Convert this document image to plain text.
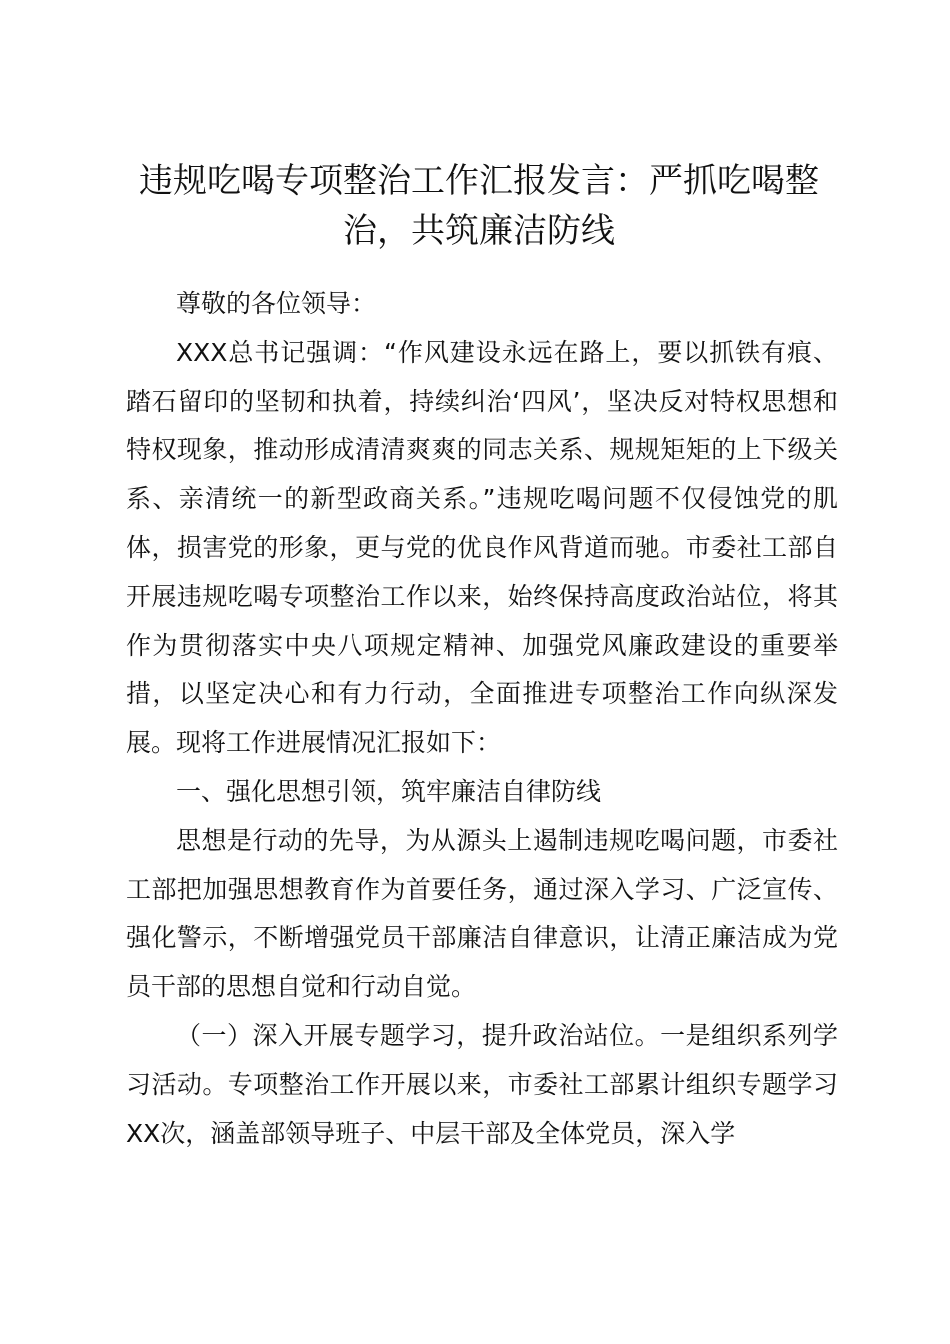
违规吃喝专项整治工作汇报发言：严抓吃喝整治，共筑廉洁防线

尊敬的各位领导：

XXX总书记强调：“作风建设永远在路上，要以抓铁有痕、踏石留印的坚韧和执着，持续纠治‘四风’，坚决反对特权思想和特权现象，推动形成清清爽爽的同志关系、规规矩矩的上下级关系、亲清统一的新型政商关系。”违规吃喝问题不仅侵蚀党的肌体，损害党的形象，更与党的优良作风背道而驰。市委社工部自开展违规吃喝专项整治工作以来，始终保持高度政治站位，将其作为贯彻落实中央八项规定精神、加强党风廉政建设的重要举措，以坚定决心和有力行动，全面推进专项整治工作向纵深发展。现将工作进展情况汇报如下：

一、强化思想引领，筑牢廉洁自律防线

思想是行动的先导，为从源头上遏制违规吃喝问题，市委社工部把加强思想教育作为首要任务，通过深入学习、广泛宣传、强化警示，不断增强党员干部廉洁自律意识，让清正廉洁成为党员干部的思想自觉和行动自觉。

（一）深入开展专题学习，提升政治站位。一是组织系列学习活动。专项整治工作开展以来，市委社工部累计组织专题学习XX次，涵盖部领导班子、中层干部及全体党员，深入学
